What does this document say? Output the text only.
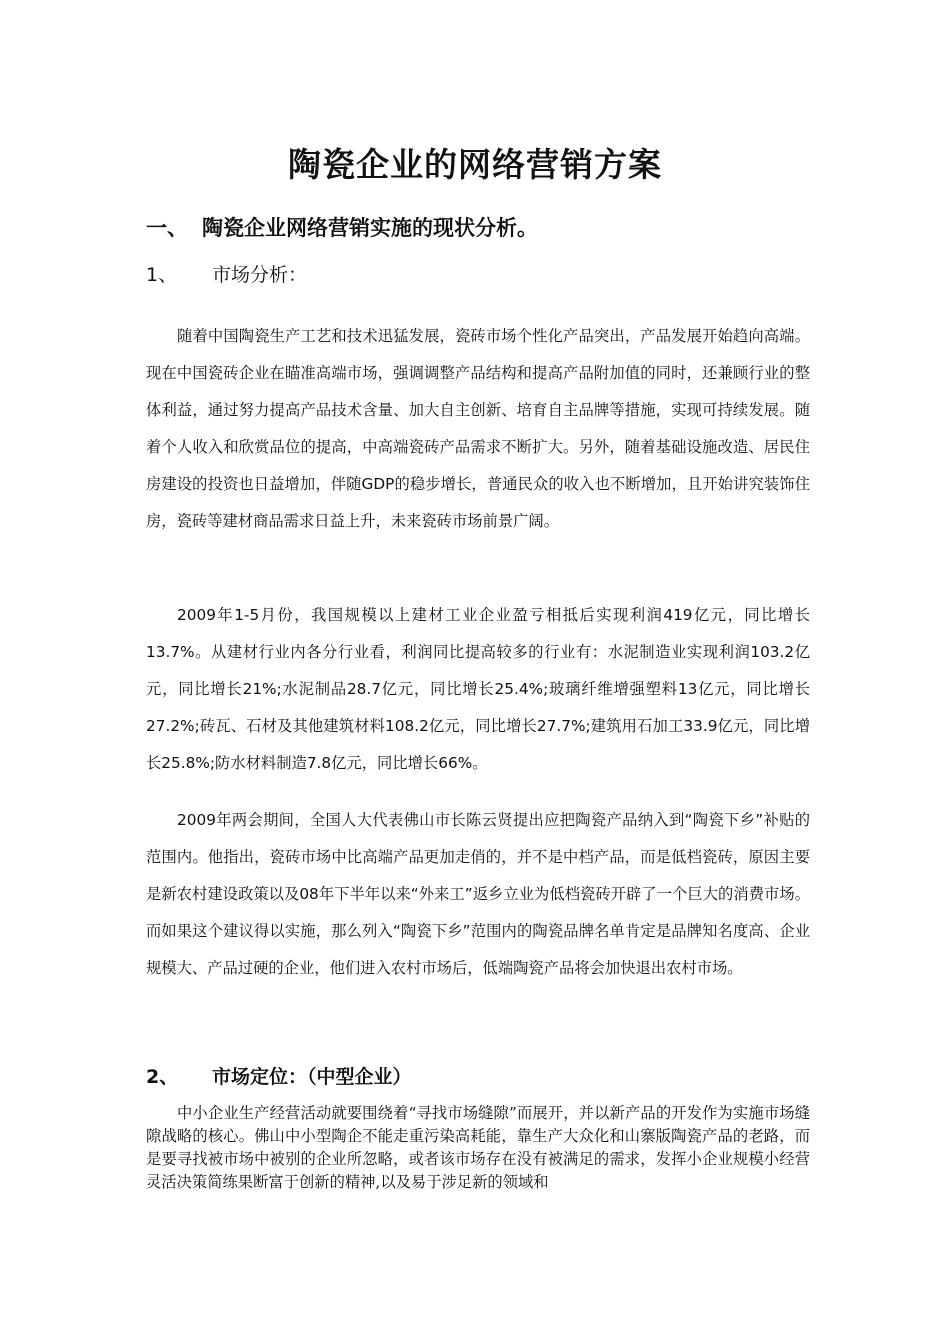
陶瓷企业的网络营销方案
一、 陶瓷企业网络营销实施的现状分析。
1、 市场分析：

随着中国陶瓷生产工艺和技术迅猛发展，瓷砖市场个性化产品突出，产品发展开始趋向高端。现在中国瓷砖企业在瞄准高端市场，强调调整产品结构和提高产品附加值的同时，还兼顾行业的整体利益，通过努力提高产品技术含量、加大自主创新、培育自主品牌等措施，实现可持续发展。随着个人收入和欣赏品位的提高，中高端瓷砖产品需求不断扩大。另外，随着基础设施改造、居民住房建设的投资也日益增加，伴随GDP的稳步增长，普通民众的收入也不断增加，且开始讲究装饰住房，瓷砖等建材商品需求日益上升，未来瓷砖市场前景广阔。

2009年1-5月份，我国规模以上建材工业企业盈亏相抵后实现利润419亿元，同比增长13.7%。从建材行业内各分行业看，利润同比提高较多的行业有：水泥制造业实现利润103.2亿元，同比增长21%;水泥制品28.7亿元，同比增长25.4%;玻璃纤维增强塑料13亿元，同比增长27.2%;砖瓦、石材及其他建筑材料108.2亿元，同比增长27.7%;建筑用石加工33.9亿元，同比增长25.8%;防水材料制造7.8亿元，同比增长66%。

2009年两会期间，全国人大代表佛山市长陈云贤提出应把陶瓷产品纳入到“陶瓷下乡”补贴的范围内。他指出，瓷砖市场中比高端产品更加走俏的，并不是中档产品，而是低档瓷砖，原因主要是新农村建设政策以及08年下半年以来“外来工”返乡立业为低档瓷砖开辟了一个巨大的消费市场。而如果这个建议得以实施，那么列入“陶瓷下乡”范围内的陶瓷品牌名单肯定是品牌知名度高、企业规模大、产品过硬的企业，他们进入农村市场后，低端陶瓷产品将会加快退出农村市场。

2、 市场定位：（中型企业）

中小企业生产经营活动就要围绕着“寻找市场缝隙”而展开，并以新产品的开发作为实施市场缝隙战略的核心。佛山中小型陶企不能走重污染高耗能，靠生产大众化和山寨版陶瓷产品的老路，而是要寻找被市场中被别的企业所忽略，或者该市场存在没有被满足的需求，发挥小企业规模小经营灵活决策简练果断富于创新的精神,以及易于涉足新的领域和
